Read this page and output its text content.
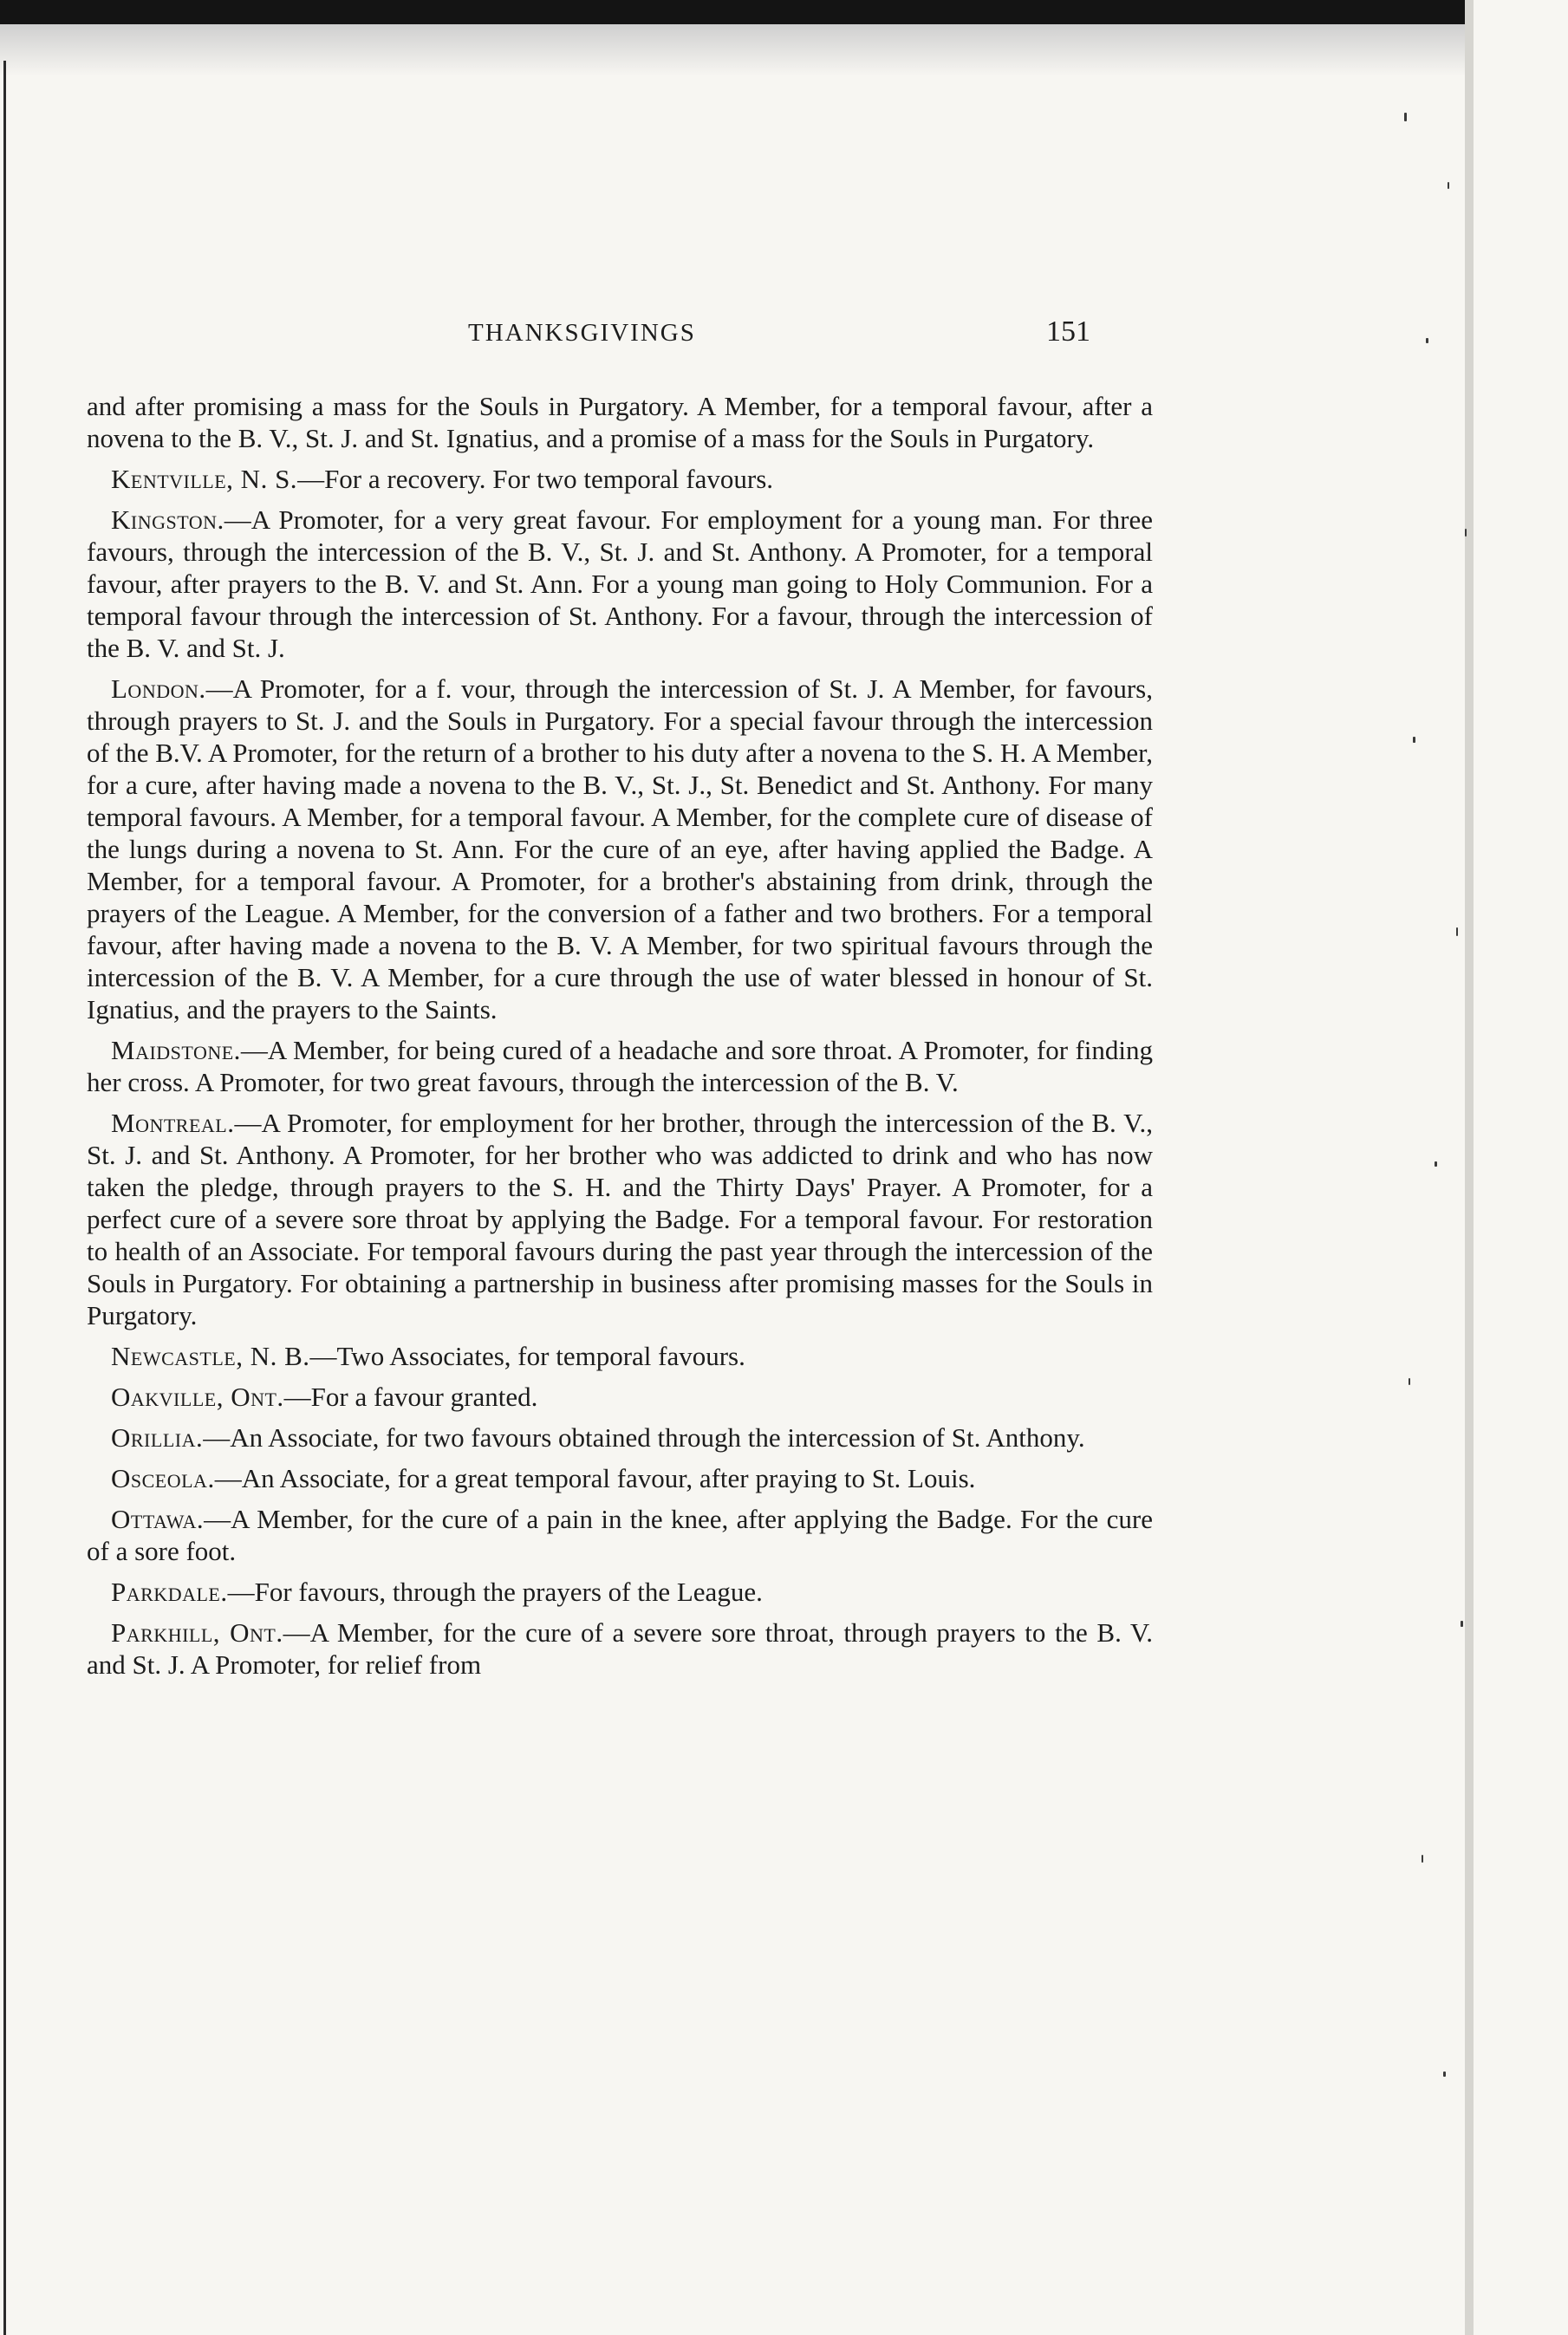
THANKSGIVINGS	151

and after promising a mass for the Souls in Purgatory. A Member, for a temporal favour, after a novena to the B. V., St. J. and St. Ignatius, and a promise of a mass for the Souls in Purgatory.

Kentville, N. S.—For a recovery. For two temporal favours.

Kingston.—A Promoter, for a very great favour. For employment for a young man. For three favours, through the intercession of the B. V., St. J. and St. Anthony. A Promoter, for a temporal favour, after prayers to the B. V. and St. Ann. For a young man going to Holy Communion. For a temporal favour through the intercession of St. Anthony. For a favour, through the intercession of the B. V. and St. J.

London.—A Promoter, for a f. vour, through the intercession of St. J. A Member, for favours, through prayers to St. J. and the Souls in Purgatory. For a special favour through the intercession of the B.V. A Promoter, for the return of a brother to his duty after a novena to the S. H. A Member, for a cure, after having made a novena to the B. V., St. J., St. Benedict and St. Anthony. For many temporal favours. A Member, for a temporal favour. A Member, for the complete cure of disease of the lungs during a novena to St. Ann. For the cure of an eye, after having applied the Badge. A Member, for a temporal favour. A Promoter, for a brother's abstaining from drink, through the prayers of the League. A Member, for the conversion of a father and two brothers. For a temporal favour, after having made a novena to the B. V. A Member, for two spiritual favours through the intercession of the B. V. A Member, for a cure through the use of water blessed in honour of St. Ignatius, and the prayers to the Saints.

Maidstone.—A Member, for being cured of a headache and sore throat. A Promoter, for finding her cross. A Promoter, for two great favours, through the intercession of the B. V.

Montreal.—A Promoter, for employment for her brother, through the intercession of the B. V., St. J. and St. Anthony. A Promoter, for her brother who was addicted to drink and who has now taken the pledge, through prayers to the S. H. and the Thirty Days' Prayer. A Promoter, for a perfect cure of a severe sore throat by applying the Badge. For a temporal favour. For restoration to health of an Associate. For temporal favours during the past year through the intercession of the Souls in Purgatory. For obtaining a partnership in business after promising masses for the Souls in Purgatory.

Newcastle, N. B.—Two Associates, for temporal favours.

Oakville, Ont.—For a favour granted.

Orillia.—An Associate, for two favours obtained through the intercession of St. Anthony.

Osceola.—An Associate, for a great temporal favour, after praying to St. Louis.

Ottawa.—A Member, for the cure of a pain in the knee, after applying the Badge. For the cure of a sore foot.

Parkdale.—For favours, through the prayers of the League.

Parkhill, Ont.—A Member, for the cure of a severe sore throat, through prayers to the B. V. and St. J. A Promoter, for relief from
